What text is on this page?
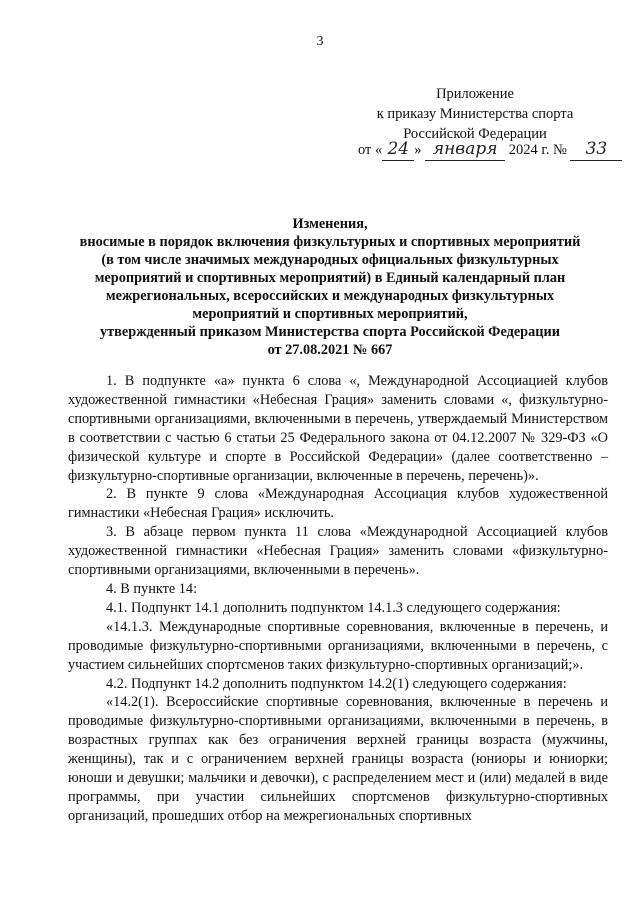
3
Приложение
к приказу Министерства спорта
Российской Федерации
от « 24 » января 2024 г. № 33
Изменения,
вносимые в порядок включения физкультурных и спортивных мероприятий
(в том числе значимых международных официальных физкультурных
мероприятий и спортивных мероприятий) в Единый календарный план
межрегиональных, всероссийских и международных физкультурных
мероприятий и спортивных мероприятий,
утвержденный приказом Министерства спорта Российской Федерации
от 27.08.2021 № 667

1. В подпункте «а» пункта 6 слова «, Международной Ассоциацией клубов художественной гимнастики «Небесная Грация» заменить словами «, физкультурно-спортивными организациями, включенными в перечень, утверждаемый Министерством в соответствии с частью 6 статьи 25 Федерального закона от 04.12.2007 № 329-ФЗ «О физической культуре и спорте в Российской Федерации» (далее соответственно – физкультурно-спортивные организации, включенные в перечень, перечень)».

2. В пункте 9 слова «Международная Ассоциация клубов художественной гимнастики «Небесная Грация» исключить.

3. В абзаце первом пункта 11 слова «Международной Ассоциацией клубов художественной гимнастики «Небесная Грация» заменить словами «физкультурно-спортивными организациями, включенными в перечень».

4. В пункте 14:

4.1. Подпункт 14.1 дополнить подпунктом 14.1.3 следующего содержания:

«14.1.3. Международные спортивные соревнования, включенные в перечень, и проводимые физкультурно-спортивными организациями, включенными в перечень, с участием сильнейших спортсменов таких физкультурно-спортивных организаций;».

4.2. Подпункт 14.2 дополнить подпунктом 14.2(1) следующего содержания:

«14.2(1). Всероссийские спортивные соревнования, включенные в перечень и проводимые физкультурно-спортивными организациями, включенными в перечень, в возрастных группах как без ограничения верхней границы возраста (мужчины, женщины), так и с ограничением верхней границы возраста (юниоры и юниорки; юноши и девушки; мальчики и девочки), с распределением мест и (или) медалей в виде программы, при участии сильнейших спортсменов физкультурно-спортивных организаций, прошедших отбор на межрегиональных спортивных
